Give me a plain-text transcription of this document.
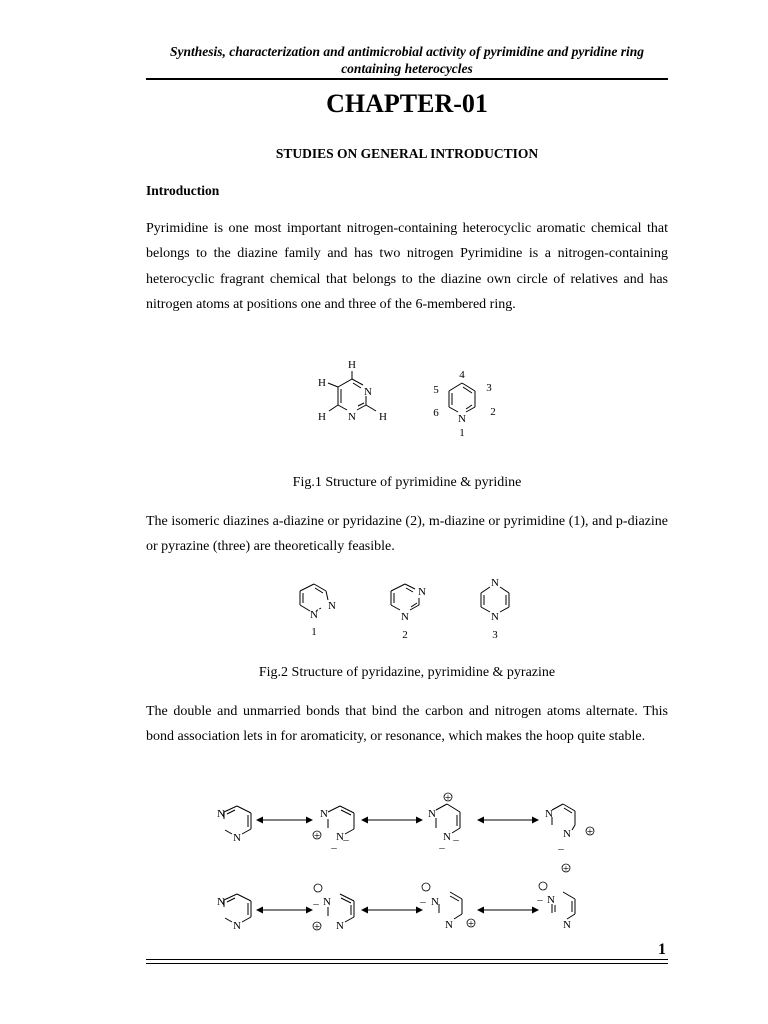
Synthesis, characterization and antimicrobial activity of pyrimidine and pyridine ring containing heterocycles
CHAPTER-01
STUDIES ON GENERAL INTRODUCTION
Introduction

Pyrimidine is one most important nitrogen-containing heterocyclic aromatic chemical that belongs to the diazine family and has two nitrogen Pyrimidine is a nitrogen-containing heterocyclic fragrant chemical that belongs to the diazine own circle of relatives and has nitrogen atoms at positions one and three of the 6-membered ring.

H
H
N
H N H	N
1
2
3
4
5
6
Fig.1 Structure of pyrimidine & pyridine

The isomeric diazines a-diazine or pyridazine (2), m-diazine or pyrimidine (1), and p-diazine or pyrazine (three) are theoretically feasible.

N
N
1
N
N
2
N
N
3
Fig.2 Structure of pyridazine, pyrimidine & pyrazine

The double and unmarried bonds that bind the carbon and nitrogen atoms alternate. This bond association lets in for aromaticity, or resonance, which makes the hoop quite stable.

N
N
N
N
N
N
N
N
–
–
–
–
–
+
+
+
+
N
N
N
N
N
N
N
N
–	–	–
+	+
1
